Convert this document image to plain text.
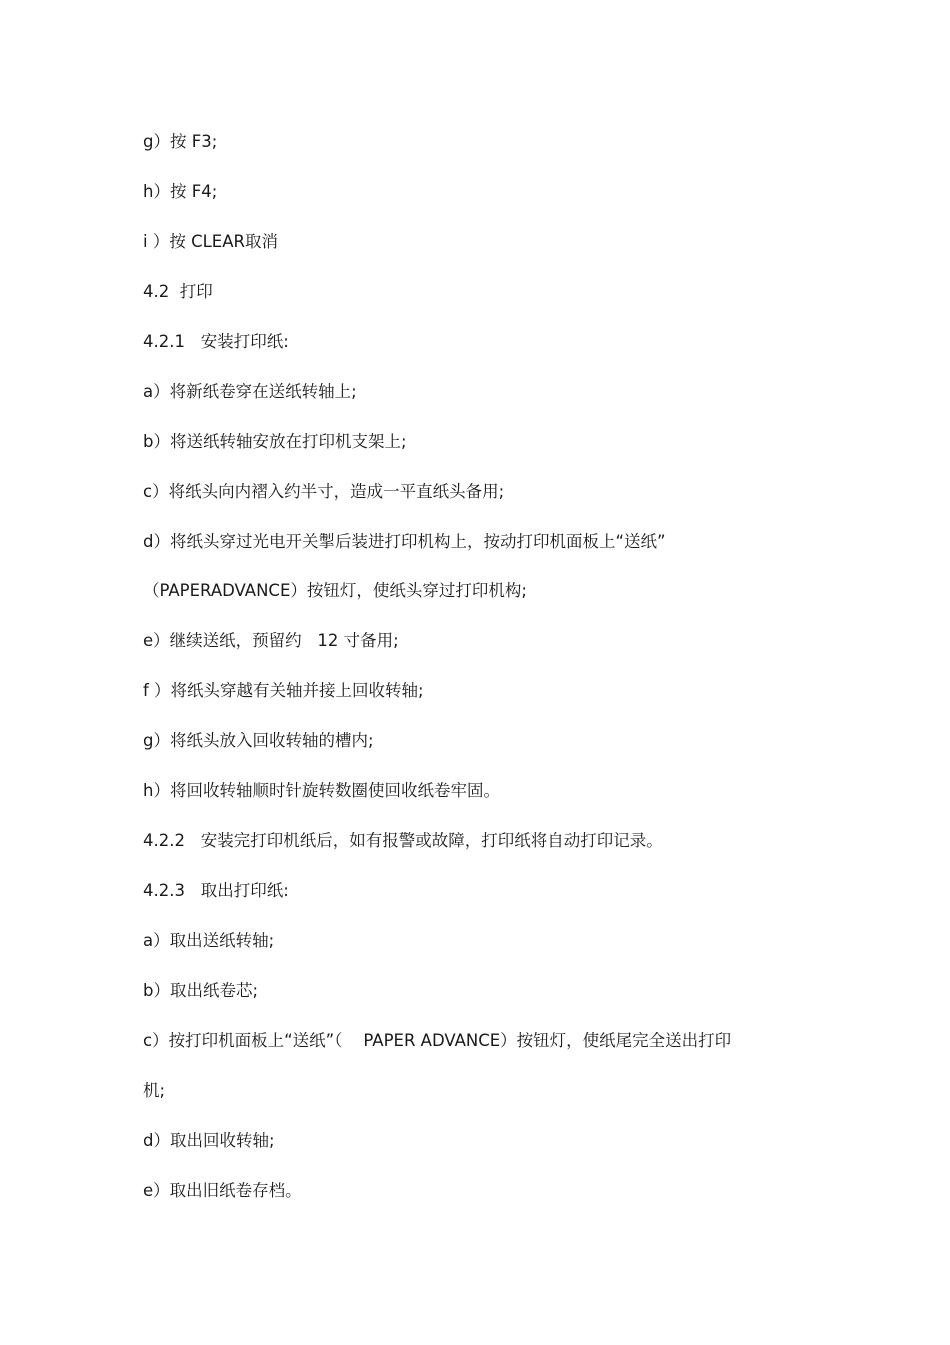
g）按 F3;
h）按 F4;
i ）按 CLEAR取消
4.2  打印
4.2.1   安装打印纸:
a）将新纸卷穿在送纸转轴上;
b）将送纸转轴安放在打印机支架上;
c）将纸头向内褶入约半寸，造成一平直纸头备用;
d）将纸头穿过光电开关掣后装进打印机构上，按动打印机面板上“送纸”
（PAPERADVANCE）按钮灯，使纸头穿过打印机构;
e）继续送纸，预留约   12 寸备用;
f ）将纸头穿越有关轴并接上回收转轴;
g）将纸头放入回收转轴的槽内;
h）将回收转轴顺时针旋转数圈使回收纸卷牢固。
4.2.2   安装完打印机纸后，如有报警或故障，打印纸将自动打印记录。
4.2.3   取出打印纸:
a）取出送纸转轴;
b）取出纸卷芯;
c）按打印机面板上“送纸”（    PAPER ADVANCE）按钮灯，使纸尾完全送出打印
机;
d）取出回收转轴;
e）取出旧纸卷存档。
